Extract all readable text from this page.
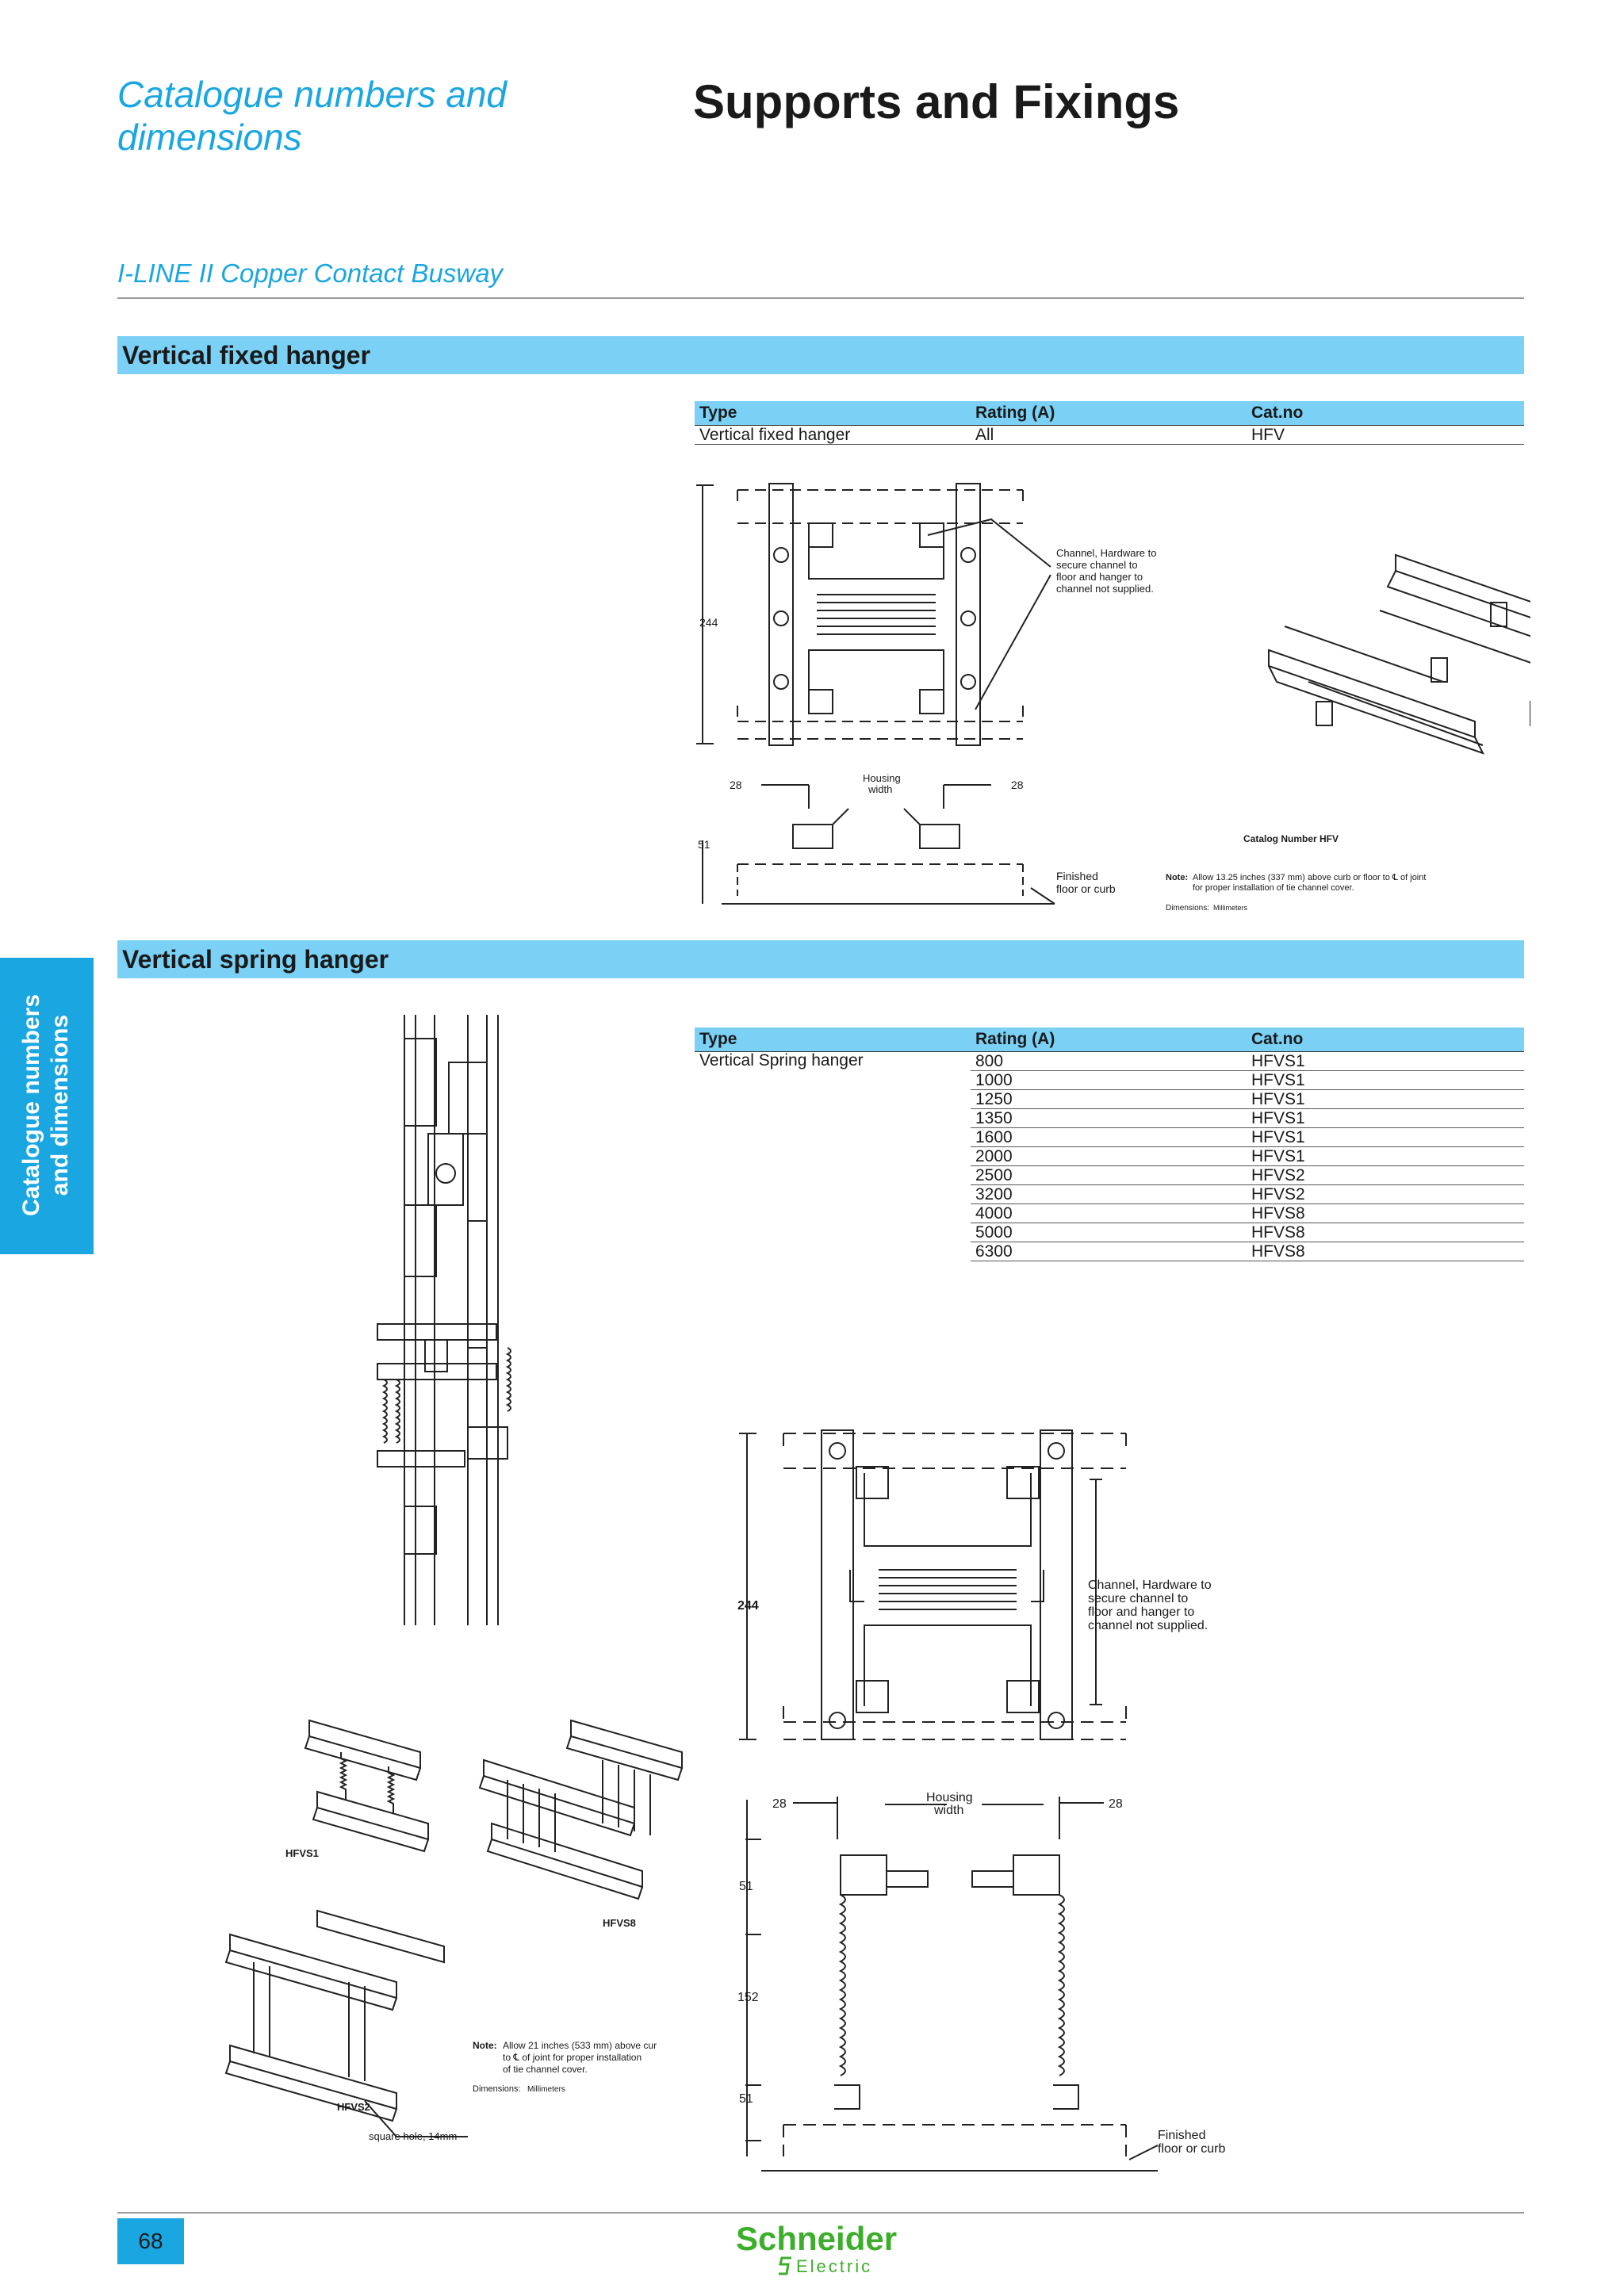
Catalogue numbers and dimensions
Supports and Fixings
I-LINE II Copper Contact Busway
Catalogue numbers and dimensions
Vertical fixed hanger
Type	Rating (A)	Cat.no
Vertical fixed hanger	All	HFV
244
28	28
Housing
width
51
Channel, Hardware to
secure channel to
floor and hanger to
channel not supplied.
Finished
floor or curb
Catalog Number HFV
Note: Allow 13.25 inches (337 mm) above curb or floor to ℄ of joint
for proper installation of tie channel cover.
Dimensions: Millimeters
Vertical spring hanger
Type	Rating (A)	Cat.no
Vertical Spring hanger	800	HFVS1
	1000	HFVS1
	1250	HFVS1
	1350	HFVS1
	1600	HFVS1
	2000	HFVS1
	2500	HFVS2
	3200	HFVS2
	4000	HFVS8
	5000	HFVS8
	6300	HFVS8
HFVS1
HFVS8
HFVS2
square hole, 14mm
Note: Allow 21 inches (533 mm) above cur
to ℄ of joint for proper installation
of tie channel cover.
Dimensions: Millimeters
244
28	28
Housing
width
51
152
51
Channel, Hardware to
secure channel to
floor and hanger to
channel not supplied.
Finished
floor or curb
68	Schneider
Electric
